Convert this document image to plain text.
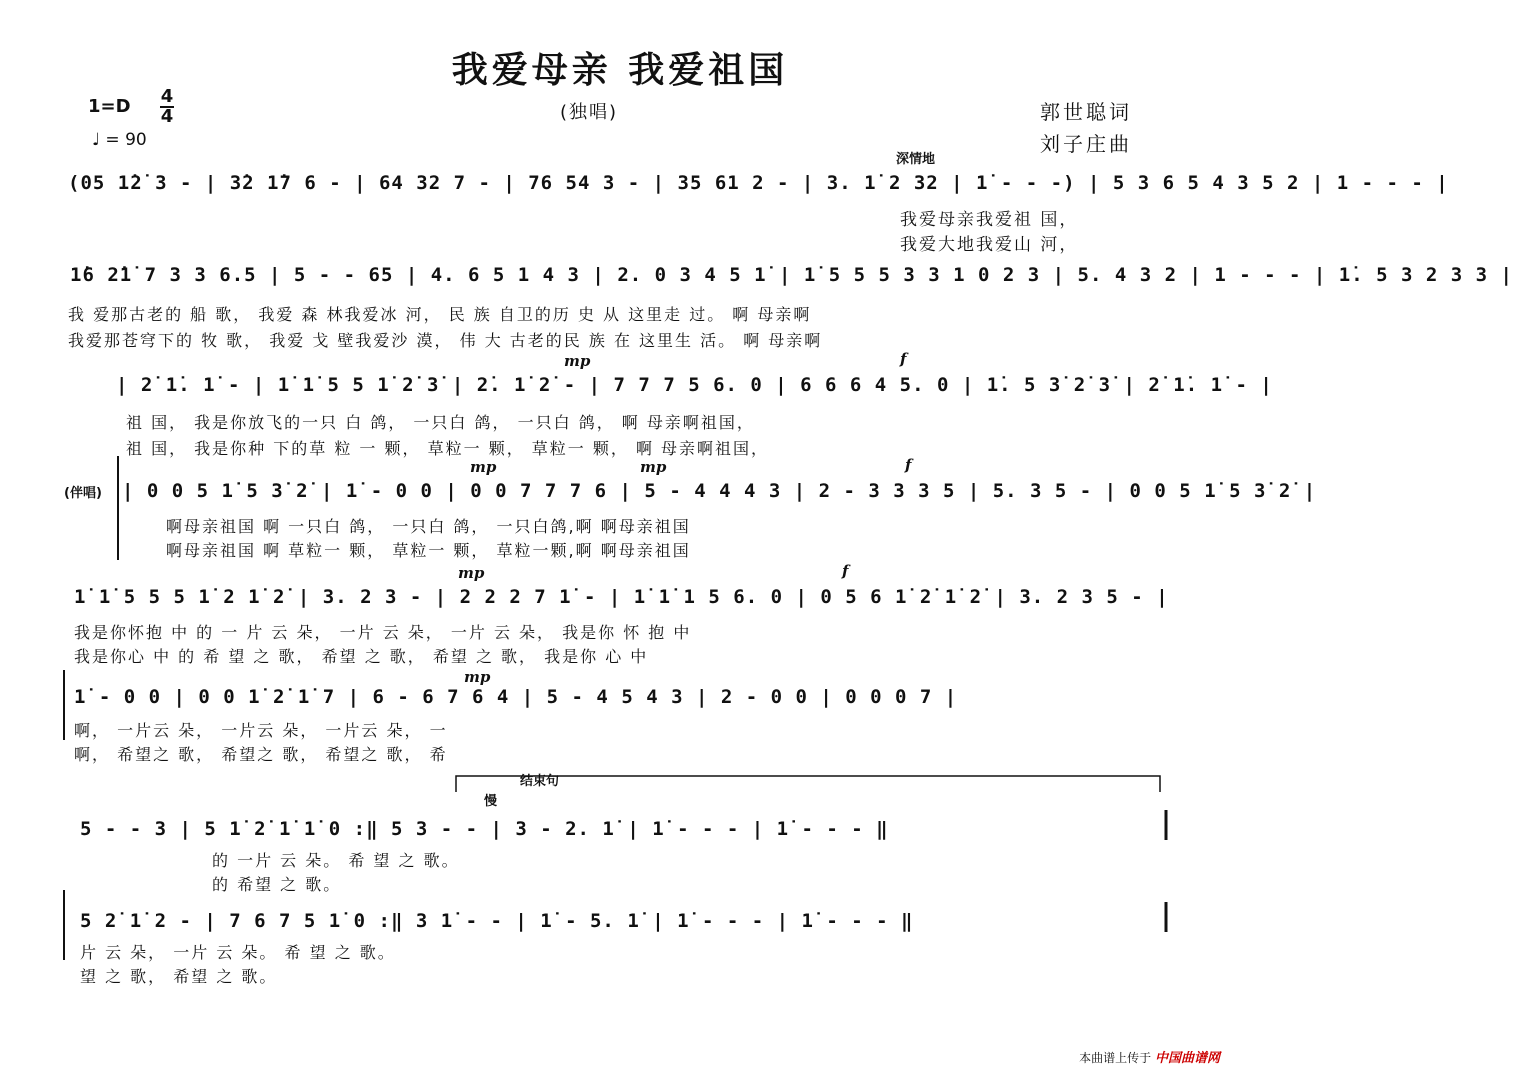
我爱母亲 我爱祖国
(独唱)
1=D 4
4
♩ = 90
郭世聪词
刘子庄曲
深情地
(05 1̇2̇ 3 - | 3̇2 1̇7 6 - | 64 32 7 - | 76 54 3 - | 35 61 2 - | 3. 1̇ 2 32 | 1̇ - - -) | 5 3 6 5 4 3 5 2 | 1 - - - |
我爱母亲我爱祖 国，
我爱大地我爱山 河，
1̇6 2̇1̇ 7 3 3 6.5 | 5 - - 65 | 4. 6 5 1 4 3 | 2. 0 3 4 5 1̇ | 1̇ 5 5 5 3 3 1 0 2 3 | 5. 4 3 2 | 1 - - - | 1̇. 5 3 2 3 3 |
我 爱那古老的 船 歌， 我爱 森 林我爱冰 河， 民 族 自卫的历 史 从 这里走 过。 啊 母亲啊
我爱那苍穹下的 牧 歌， 我爱 戈 壁我爱沙 漠， 伟 大 古老的民 族 在 这里生 活。 啊 母亲啊
mp	f
| 2̇ 1̇. 1̇ - | 1̇ 1̇ 5 5 1̇ 2̇ 3̇ | 2̇. 1̇ 2̇ - | 7 7 7 5 6. 0 | 6 6 6 4 5. 0 | 1̇. 5 3̇ 2̇ 3̇ | 2̇ 1̇. 1̇ - |
祖 国， 我是你放飞的一只 白 鸽， 一只白 鸽， 一只白 鸽， 啊 母亲啊祖国，
祖 国， 我是你种 下的草 粒 一 颗， 草粒一 颗， 草粒一 颗， 啊 母亲啊祖国，
(伴唱)
mp	mp	f
| 0 0 5 1̇ 5 3̇ 2̇ | 1̇ - 0 0 | 0 0 7 7 7 6 | 5 - 4 4 4 3 | 2 - 3 3 3 5 | 5. 3 5 - | 0 0 5 1̇ 5 3̇ 2̇ |
啊母亲祖国 啊 一只白 鸽， 一只白 鸽， 一只白鸽,啊 啊母亲祖国
啊母亲祖国 啊 草粒一 颗， 草粒一 颗， 草粒一颗,啊 啊母亲祖国
mp	f
1̇ 1̇ 5 5 5 1̇ 2 1̇ 2̇ | 3. 2 3 - | 2 2 2 7 1̇ - | 1̇ 1̇ 1 5 6. 0 | 0 5 6 1̇ 2̇ 1̇ 2̇ | 3. 2 3 5 - |
我是你怀抱 中 的 一 片 云 朵， 一片 云 朵， 一片 云 朵， 我是你 怀 抱 中
我是你心 中 的 希 望 之 歌， 希望 之 歌， 希望 之 歌， 我是你 心 中
mp
1̇ - 0 0 | 0 0 1̇ 2̇ 1̇ 7 | 6 - 6 7 6 4 | 5 - 4 5 4 3 | 2 - 0 0 | 0 0 0 7 |
啊， 一片云 朵， 一片云 朵， 一片云 朵， 一
啊， 希望之 歌， 希望之 歌， 希望之 歌， 希
结束句
慢
5 - - 3 | 5 1̇ 2̇ 1̇ 1̇ 0 :‖ 5 3 - - | 3 - 2. 1̇ | 1̇ - - - | 1̇ - - - ‖
的 一片 云 朵。 希 望 之 歌。
的 希望 之 歌。
5 2̇ 1̇ 2 - | 7 6 7 5 1̇ 0 :‖ 3 1̇ - - | 1̇ - 5. 1̇ | 1̇ - - - | 1̇ - - - ‖
片 云 朵， 一片 云 朵。 希 望 之 歌。
望 之 歌， 希望 之 歌。
本曲谱上传于 中国曲谱网
